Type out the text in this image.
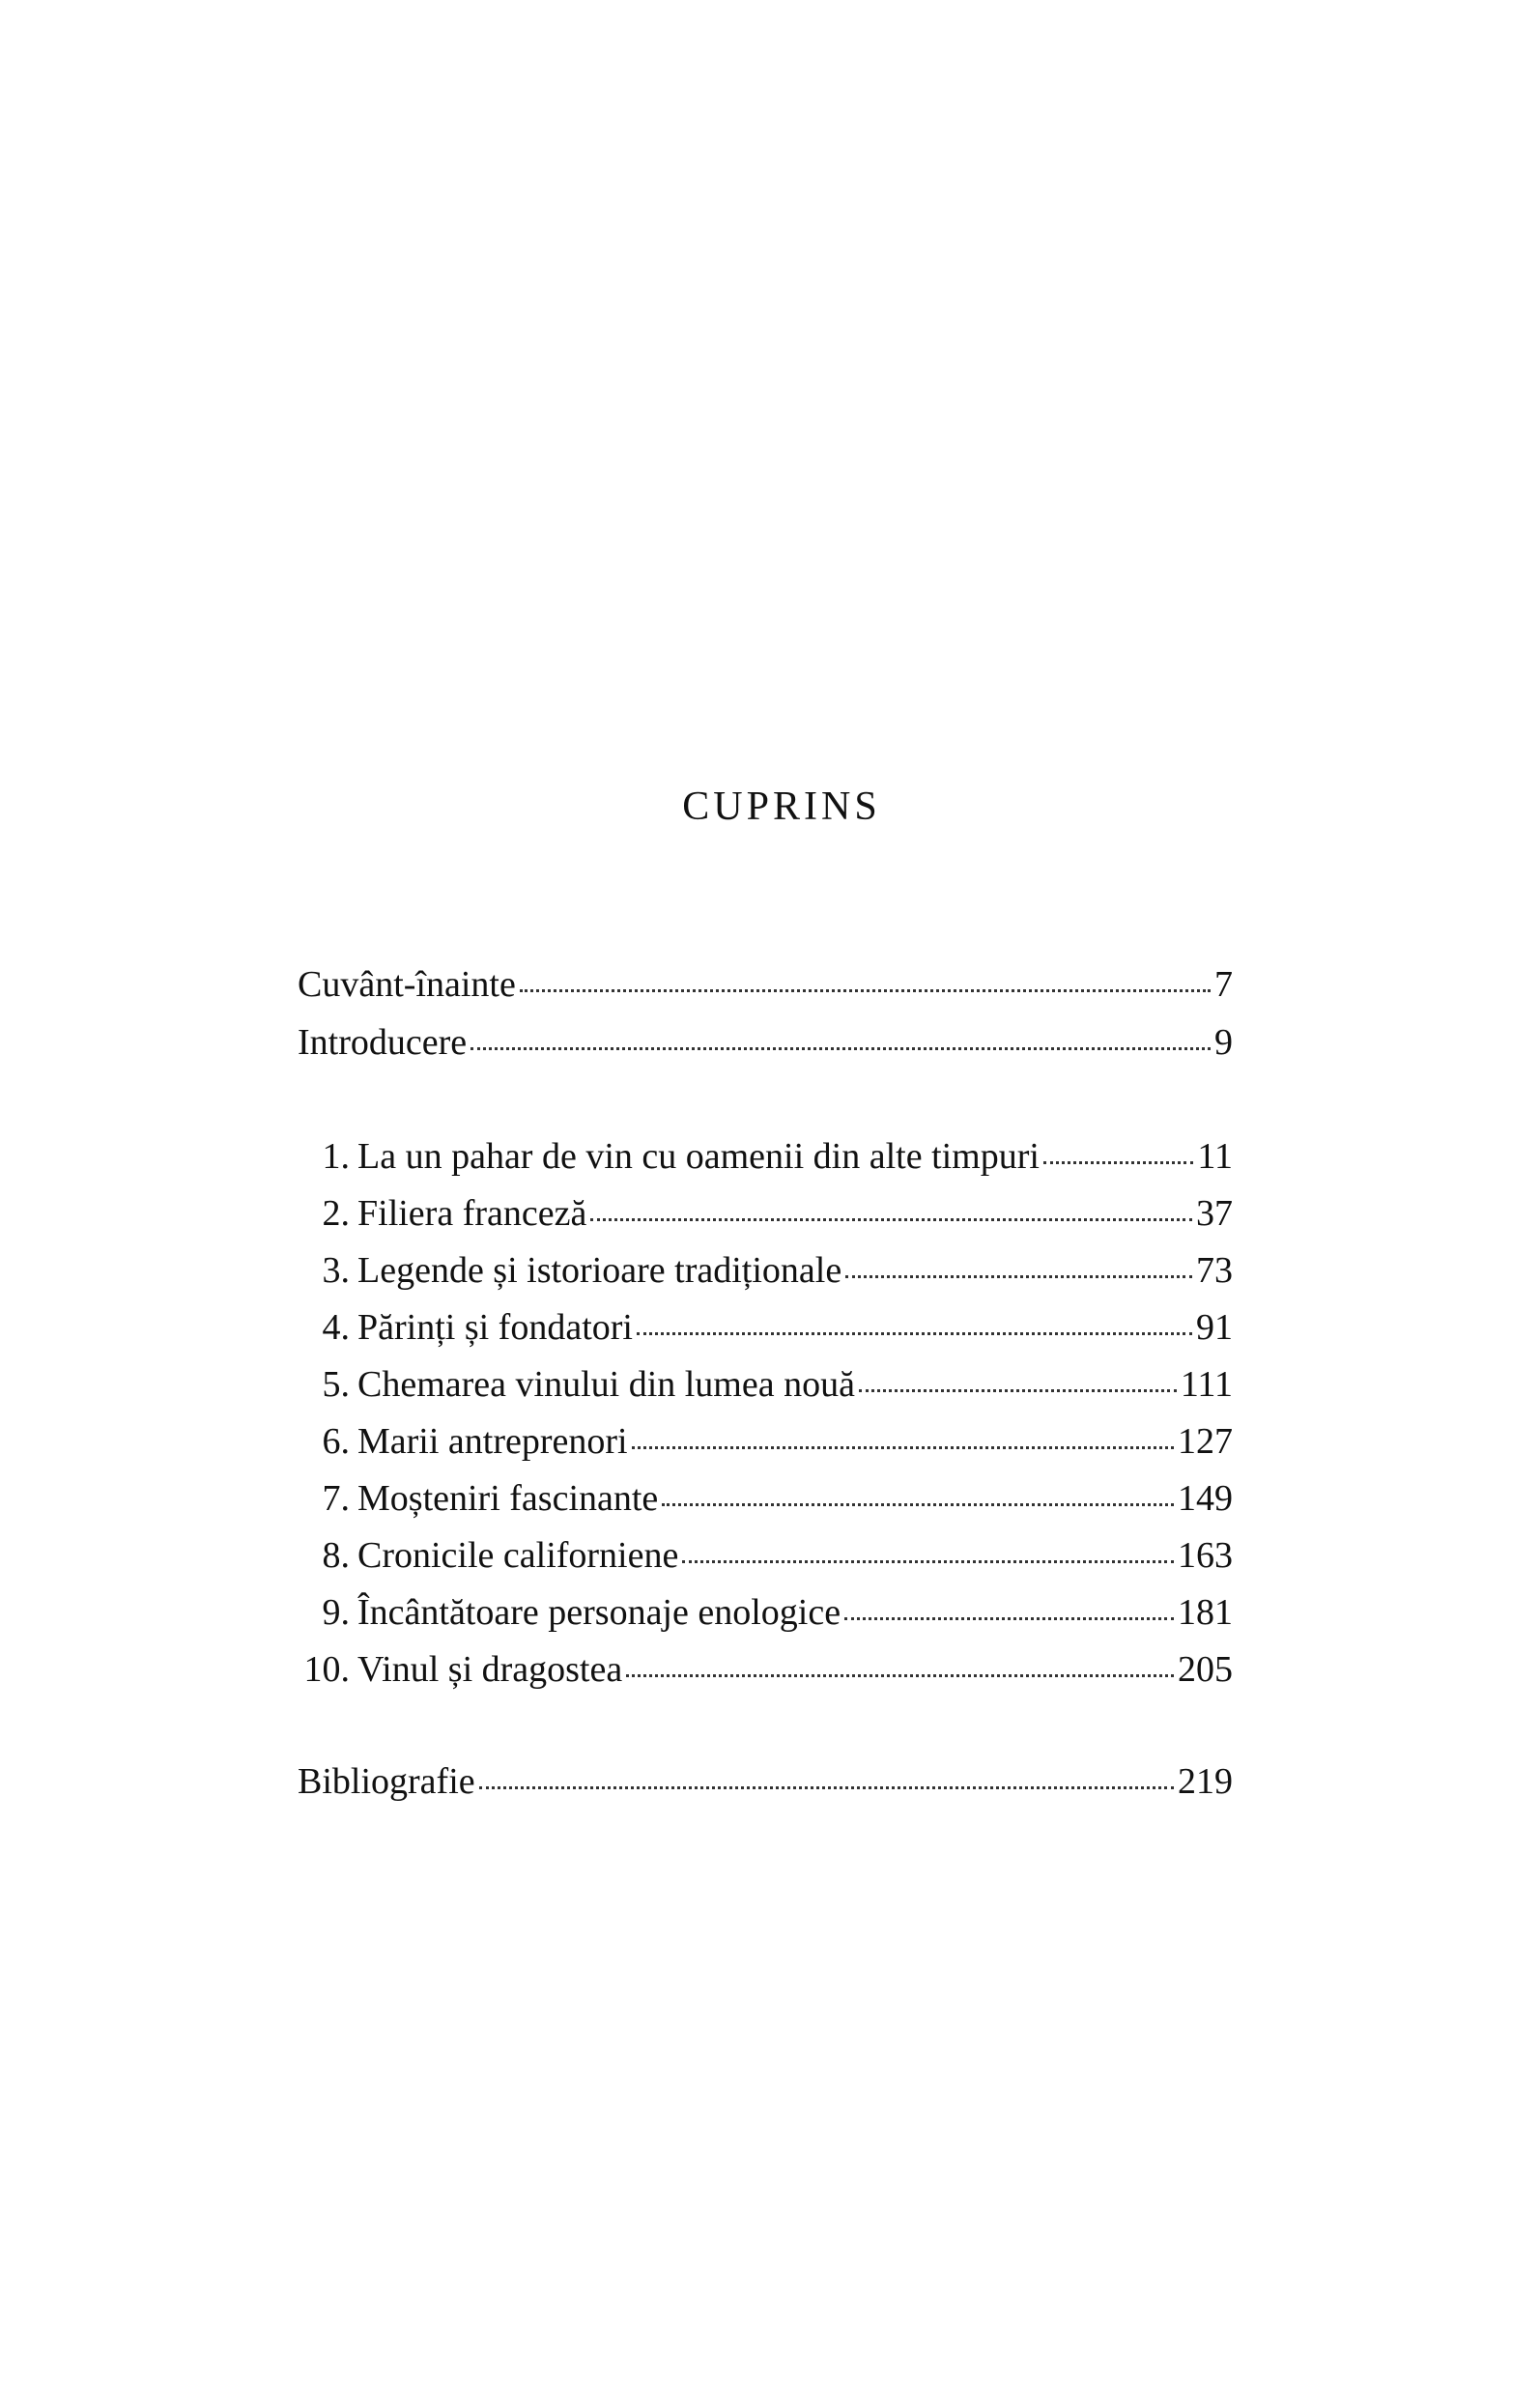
CUPRINS
Cuvânt-înainte	7
Introducere	9
1. La un pahar de vin cu oamenii din alte timpuri	11
2. Filiera franceză	37
3. Legende și istorioare tradiționale	73
4. Părinți și fondatori	91
5. Chemarea vinului din lumea nouă	111
6. Marii antreprenori	127
7. Moșteniri fascinante	149
8. Cronicile californiene	163
9. Încântătoare personaje enologice	181
10. Vinul și dragostea	205
Bibliografie	219
